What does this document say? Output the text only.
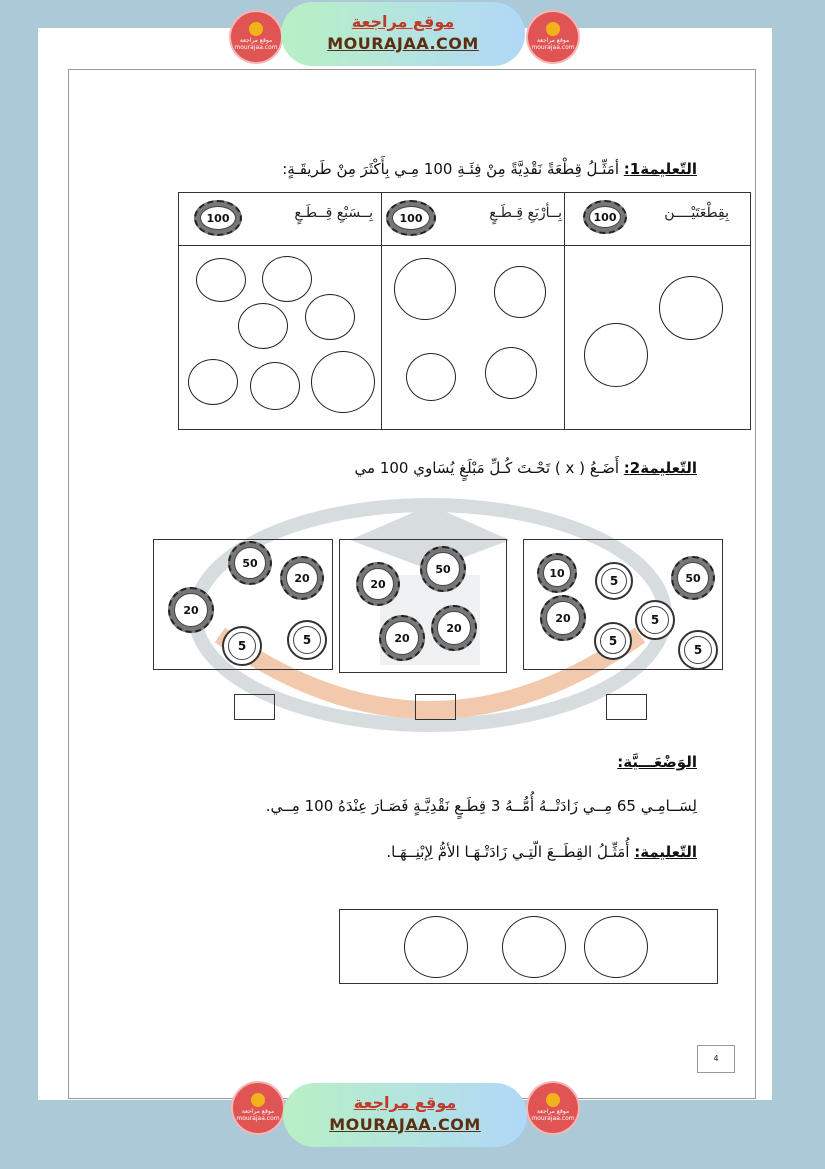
موقع مراجعة
mourajaa.com
موقع مراجعة
MOURAJAA.COM	موقع مراجعة
mourajaa.com
التّعليمة1: أمَثِّـلُ قِطْعَةً نَقْدِيَّةً مِنْ فِئَـةِ 100 مِـي بِأَكْثَرَ مِنْ طَريقَـةٍ:
بِقِطْعَتَيْــــن
100
بِــأرْبَعِ قِـطَـعٍ
100
بِــسَبْعِ قِــطَـعٍ
100
التّعليمة2: أَضَـعُ ( x ) تَحْـتَ كُـلِّ مَبْلَغٍ يُسَاوي 100 مي
50
20
20
5	5
50
20
20
20
10	50
5
20	5
5
5
الوَضْعَـــيَّة:
لِسَــامِـي 65 مِــي زَادَتْــهُ أُمُّــهُ 3 قِطَـعٍ نَقْدِيَّـةٍ فَصَـارَ عِنْدَهُ 100 مِــي.
التّعليمة: أُمَثِّـلُ القِطَــعَ الّتِـي زَادَتْـهَـا الأمُّ لِإبْنِــهَـا.
4
موقع مراجعة
mourajaa.com
موقع مراجعة
MOURAJAA.COM
موقع مراجعة
mourajaa.com
